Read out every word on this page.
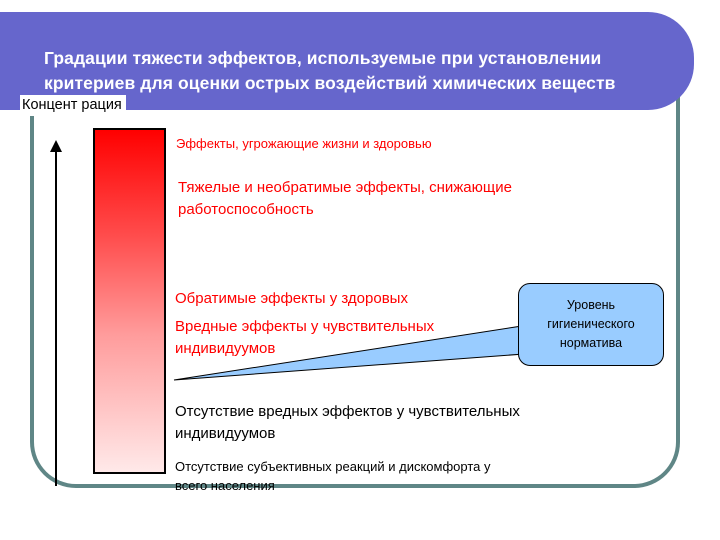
Градации тяжести эффектов, используемые при установлении
критериев для оценки острых воздействий химических веществ
Концент рация
Эффекты, угрожающие жизни и здоровью
Тяжелые и необратимые эффекты, снижающие
работоспособность
Обратимые эффекты у здоровых
Вредные эффекты у чувствительных
индивидуумов
Отсутствие вредных эффектов у чувствительных
индивидуумов
Отсутствие субъективных реакций и дискомфорта у
всего населения
Уровень
гигиенического
норматива
